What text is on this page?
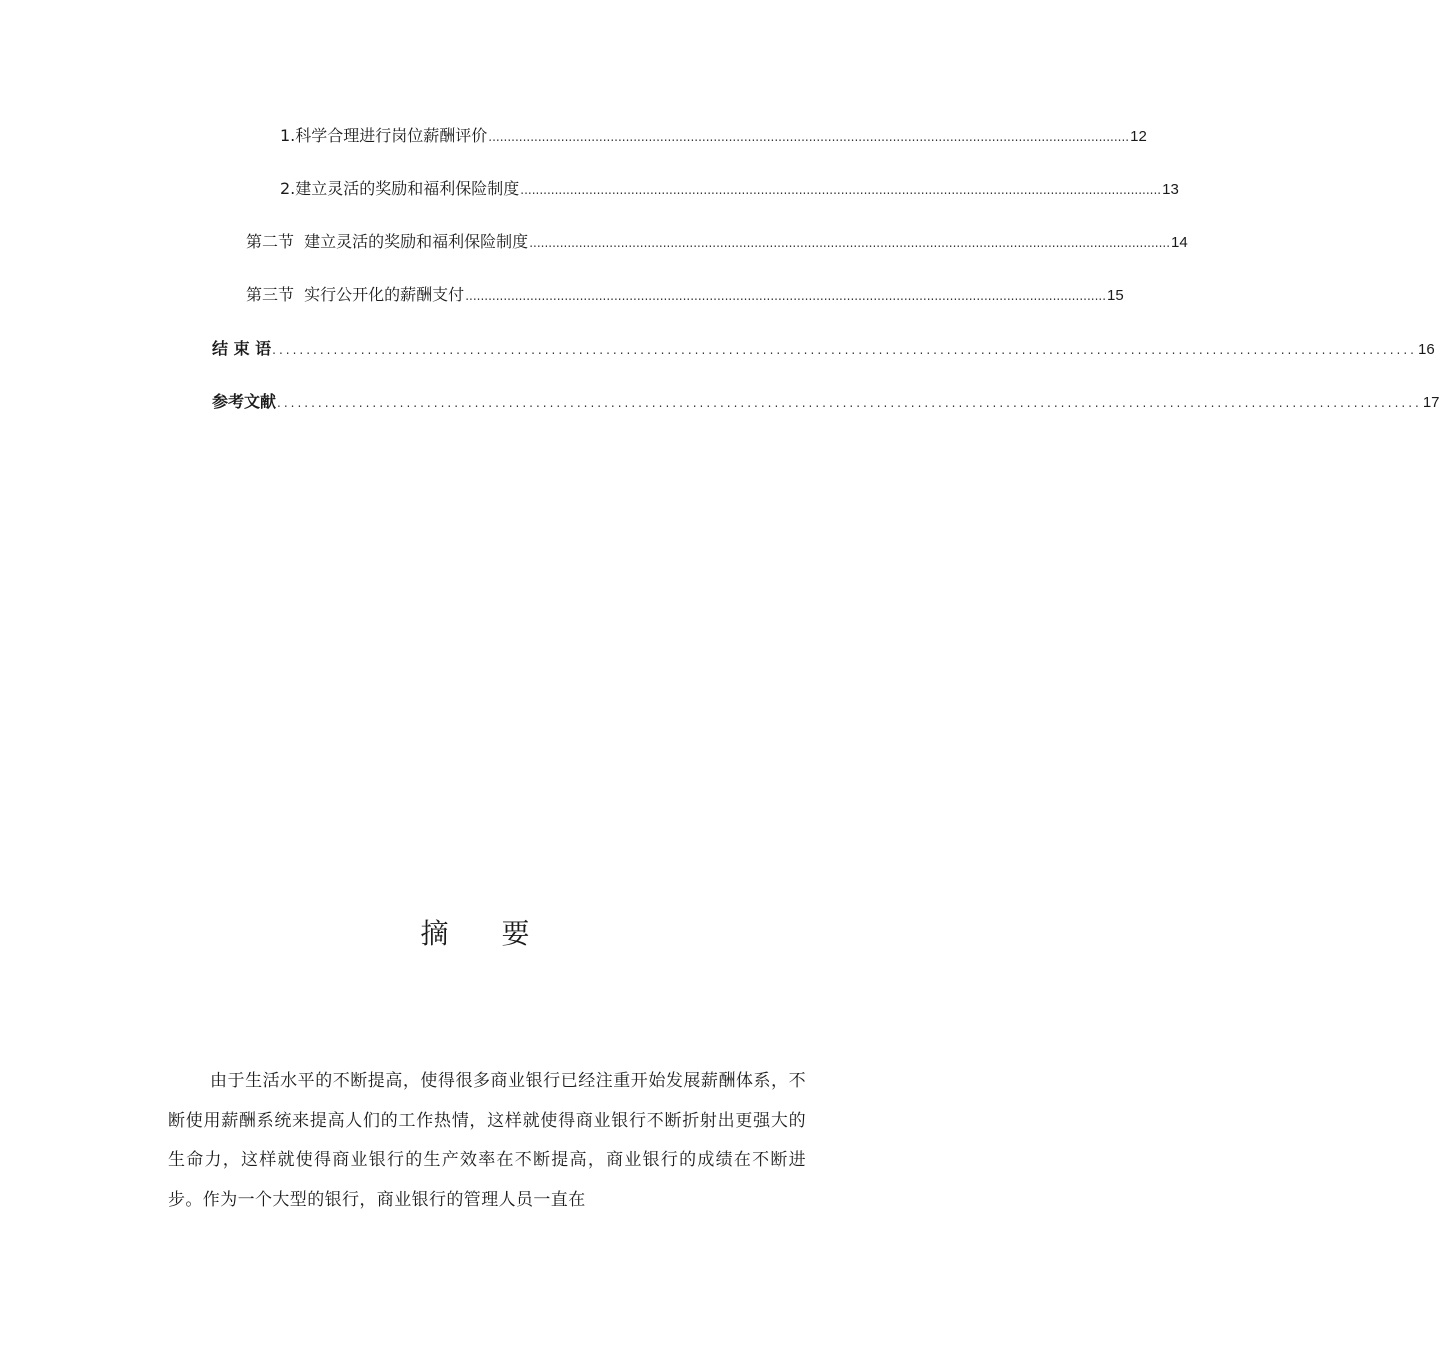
1.科学合理进行岗位薪酬评价 ........................................................................................................................................................................ 12
2.建立灵活的奖励和福利保险制度 ........................................................................................................................................................................ 13
第二节  建立灵活的奖励和福利保险制度 ........................................................................................................................................................................ 14
第三节  实行公开化的薪酬支付 ........................................................................................................................................................................ 15
结 束 语 ........................................................................................................................................................................ 16
参考文献 ........................................................................................................................................................................ 17
摘 要

由于生活水平的不断提高，使得很多商业银行已经注重开始发展薪酬体系，不断使用薪酬系统来提高人们的工作热情，这样就使得商业银行不断折射出更强大的生命力，这样就使得商业银行的生产效率在不断提高，商业银行的成绩在不断进步。作为一个大型的银行，商业银行的管理人员一直在
